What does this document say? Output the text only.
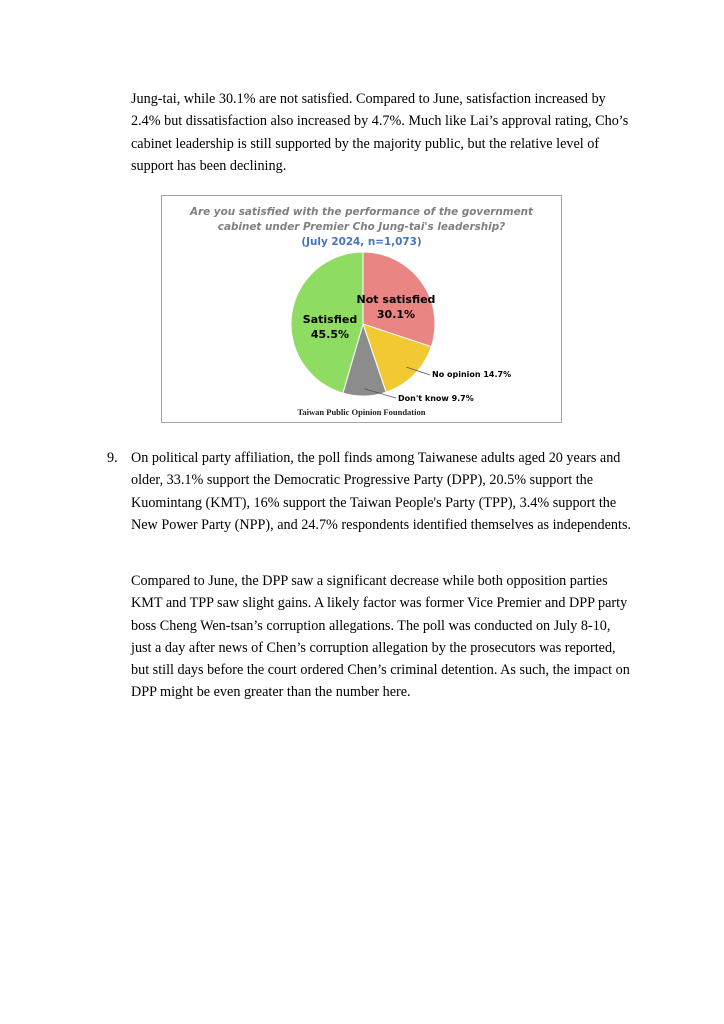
Jung-tai, while 30.1% are not satisfied. Compared to June, satisfaction increased by 2.4% but dissatisfaction also increased by 4.7%. Much like Lai’s approval rating, Cho’s cabinet leadership is still supported by the majority public, but the relative level of support has been declining.

Are you satisfied with the performance of the government
cabinet under Premier Cho Jung-tai's leadership?
(July 2024, n=1,073)
Not satisfied
30.1%
Satisfied
45.5%
No opinion 14.7%
Don't know 9.7%
Taiwan Public Opinion Foundation
9. On political party affiliation, the poll finds among Taiwanese adults aged 20 years and older, 33.1% support the Democratic Progressive Party (DPP), 20.5% support the Kuomintang (KMT), 16% support the Taiwan People's Party (TPP), 3.4% support the New Power Party (NPP), and 24.7% respondents identified themselves as independents.

Compared to June, the DPP saw a significant decrease while both opposition parties KMT and TPP saw slight gains. A likely factor was former Vice Premier and DPP party boss Cheng Wen-tsan’s corruption allegations. The poll was conducted on July 8-10, just a day after news of Chen’s corruption allegation by the prosecutors was reported, but still days before the court ordered Chen’s criminal detention. As such, the impact on DPP might be even greater than the number here.
